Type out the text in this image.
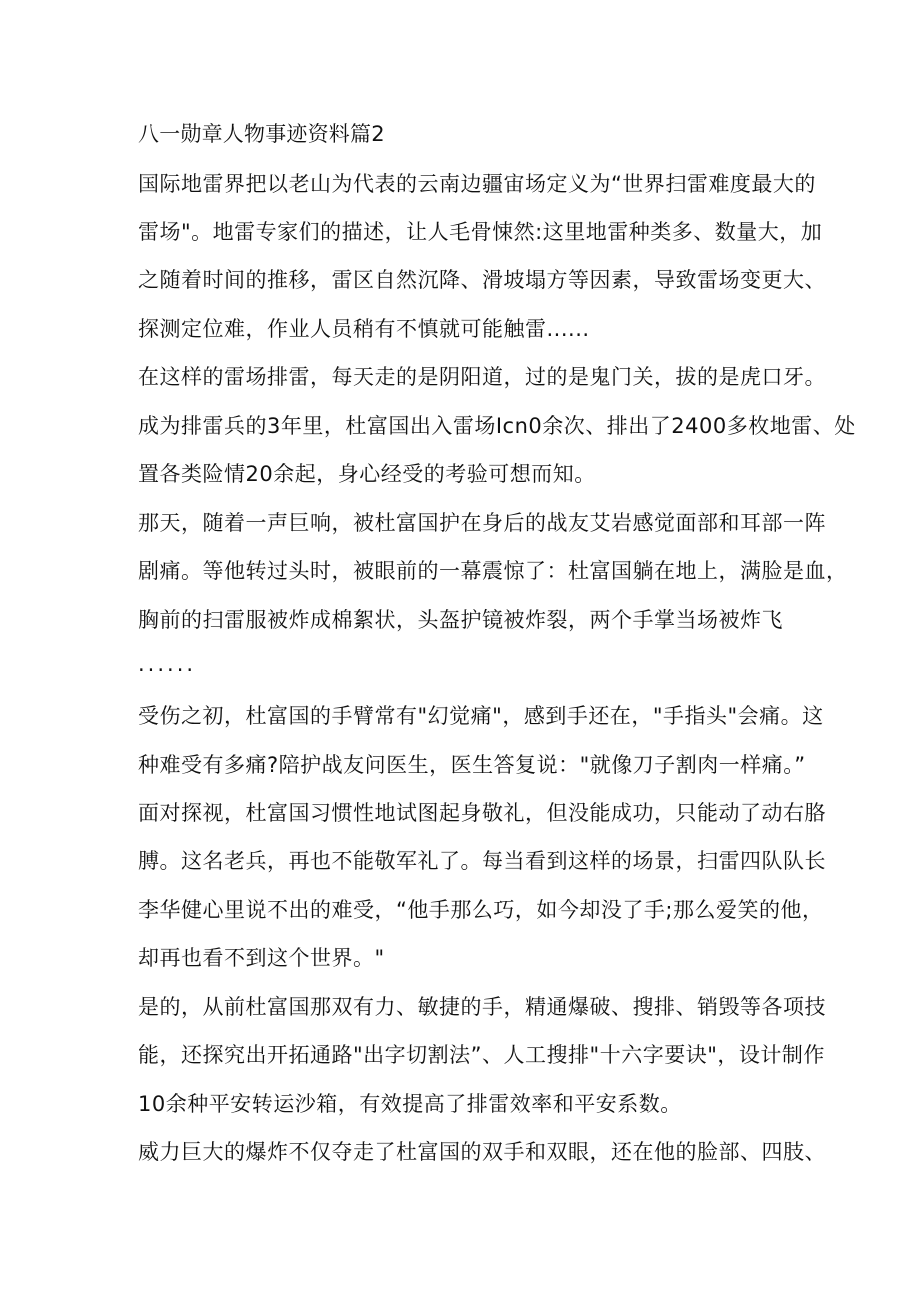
八一勋章人物事迹资料篇2
国际地雷界把以老山为代表的云南边疆宙场定义为“世界扫雷难度最大的
雷场"。地雷专家们的描述，让人毛骨悚然:这里地雷种类多、数量大，加
之随着时间的推移，雷区自然沉降、滑坡塌方等因素，导致雷场变更大、
探测定位难，作业人员稍有不慎就可能触雷......
在这样的雷场排雷，每天走的是阴阳道，过的是鬼门关，拔的是虎口牙。
成为排雷兵的3年里，杜富国出入雷场Icn0余次、排出了2400多枚地雷、处
置各类险情20余起，身心经受的考验可想而知。
那天，随着一声巨响，被杜富国护在身后的战友艾岩感觉面部和耳部一阵
剧痛。等他转过头时，被眼前的一幕震惊了：杜富国躺在地上，满脸是血，
胸前的扫雷服被炸成棉絮状，头盔护镜被炸裂，两个手掌当场被炸飞
......
受伤之初，杜富国的手臂常有"幻觉痛"，感到手还在，"手指头"会痛。这
种难受有多痛?陪护战友问医生，医生答复说："就像刀子割肉一样痛。”
面对探视，杜富国习惯性地试图起身敬礼，但没能成功，只能动了动右胳
膊。这名老兵，再也不能敬军礼了。每当看到这样的场景，扫雷四队队长
李华健心里说不出的难受，“他手那么巧，如今却没了手;那么爱笑的他，
却再也看不到这个世界。"
是的，从前杜富国那双有力、敏捷的手，精通爆破、搜排、销毁等各项技
能，还探究出开拓通路"出字切割法”、人工搜排"十六字要诀"，设计制作
10余种平安转运沙箱，有效提高了排雷效率和平安系数。
威力巨大的爆炸不仅夺走了杜富国的双手和双眼，还在他的脸部、四肢、
